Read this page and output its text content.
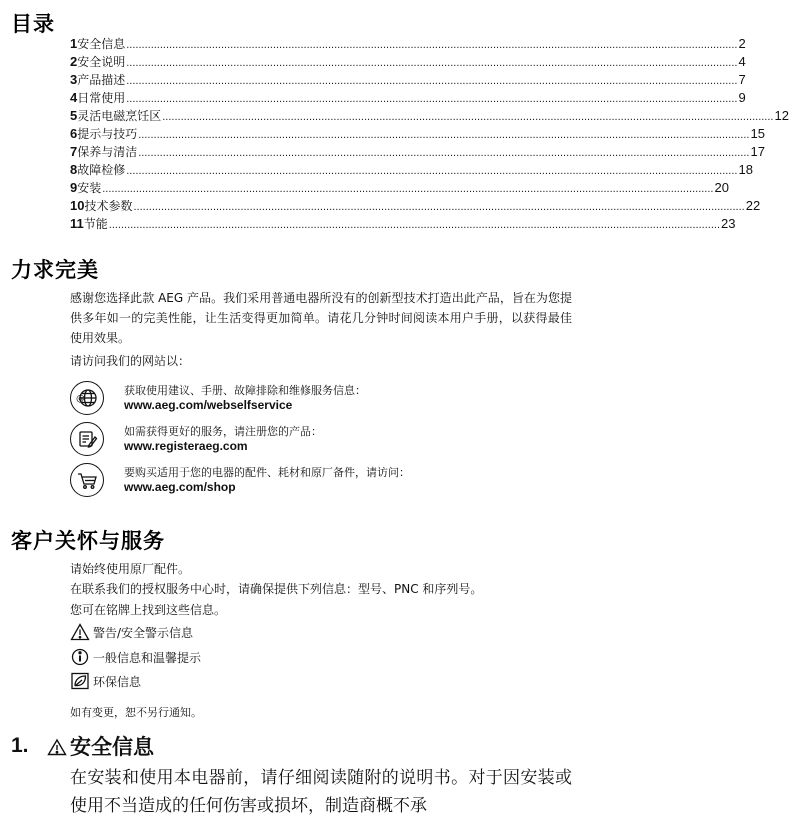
目录
1 安全信息 ........................................................................................................................................................................................................ 2
2 安全说明 ........................................................................................................................................................................................................ 4
3 产品描述 ........................................................................................................................................................................................................ 7
4 日常使用 ........................................................................................................................................................................................................ 9
5 灵活电磁烹饪区 ........................................................................................................................................................................................................ 12
6 提示与技巧 ........................................................................................................................................................................................................ 15
7 保养与清洁 ........................................................................................................................................................................................................ 17
8 故障检修 ........................................................................................................................................................................................................ 18
9 安装 ........................................................................................................................................................................................................ 20
10 技术参数 ........................................................................................................................................................................................................ 22
11 节能 ........................................................................................................................................................................................................ 23
力求完美

感谢您选择此款 AEG 产品。我们采用普通电器所没有的创新型技术打造出此产品，旨在为您提供多年如一的完美性能，让生活变得更加简单。请花几分钟时间阅读本用户手册，以获得最佳使用效果。

请访问我们的网站以：

@
获取使用建议、手册、故障排除和维修服务信息：
www.aeg.com/webselfservice
如需获得更好的服务，请注册您的产品：
www.registeraeg.com
要购买适用于您的电器的配件、耗材和原厂备件，请访问：
www.aeg.com/shop
客户关怀与服务

请始终使用原厂配件。

在联系我们的授权服务中心时，请确保提供下列信息：型号、PNC 和序列号。

您可在铭牌上找到这些信息。

警告/安全警示信息
一般信息和温馨提示
环保信息

如有变更，恕不另行通知。

1.	安全信息

在安装和使用本电器前，请仔细阅读随附的说明书。对于因安装或使用不当造成的任何伤害或损坏，制造商概不承
